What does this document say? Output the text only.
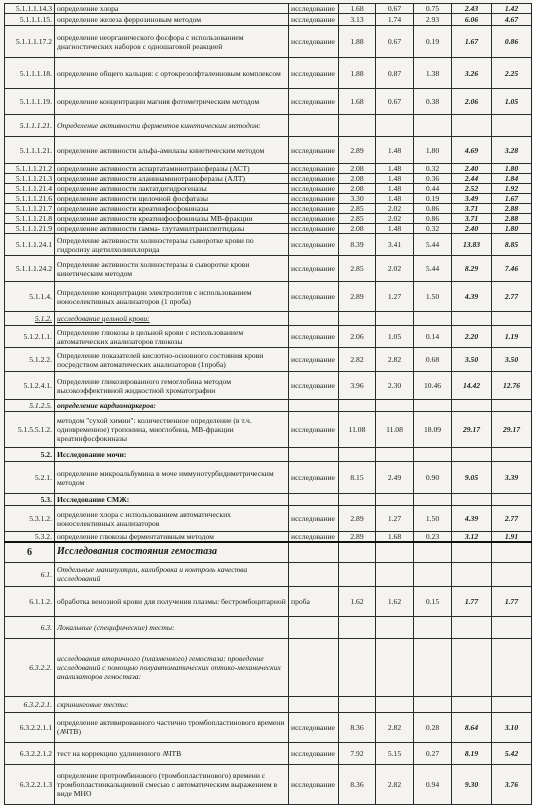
5.1.1.1.14.3	определение хлора	исследование	1.68	0.67	0.75	2.43	1.42
5.1.1.1.15.	определение железа феррозиновым методом	исследование	3.13	1.74	2.93	6.06	4.67
5.1.1.1.17.2	определение неорганического фосфора с использованием диагностических наборов с одношаговой реакцией	исследование	1.88	0.67	0.19	1.67	0.86
5.1.1.1.18.	определение общего кальция: с ортокрезолфталеиновым комплексом	исследование	1.88	0.87	1.38	3.26	2.25
5.1.1.1.19.	определение концентрации магния фотометрическим методом	исследование	1.68	0.67	0.38	2.06	1.05
5.1.1.1.21.	Определение активности ферментов кинетическим методом:						
5.1.1.1.21.	определение активности альфа-амилазы кинетическим методом	исследование	2.89	1.48	1.80	4.69	3.28
5.1.1.1.21.2	определение активности аспартатаминотрансферазы (АСТ)	исследование	2.08	1.48	0.32	2.40	1.80
5.1.1.1.21.3	определение активности аланинаминотрансферазы (АЛТ)	исследование	2.08	1.48	0.36	2.44	1.84
5.1.1.1.21.4	определение активности лактатдегидрогеназы	исследование	2.08	1.48	0.44	2.52	1.92
5.1.1.1.21.6	определение активности щелочной фосфатазы	исследование	3.30	1.48	0.19	3.49	1.67
5.1.1.1.21.7	определение активности креатинфосфокиназы	исследование	2.85	2.02	0.86	3.71	2.88
5.1.1.1.21.8	определение активности креатинфосфокиназы МВ-фракции	исследование	2.85	2.02	0.86	3.71	2.88
5.1.1.1.21.9	определение активности гамма- глутамилтранспептидазы	исследование	2.08	1.48	0.32	2.40	1.80
5.1.1.1.24.1	Определение активности холинэстеразы сыворотке крови по гидролизу ацетилхолинхлорида	исследование	8.39	3.41	5.44	13.83	8.85
5.1.1.1.24.2	Определение активности холинэстеразы в сыворотке крови кинетическим методом	исследование	2.85	2.02	5.44	8.29	7.46
5.1.1.4.	Определение концентрации электролитов с использованием ионоселективных анализаторов (1 проба)	исследование	2.89	1.27	1.50	4.39	2.77
5.1.2.	исследование цельной крови:						
5.1.2.1.1.	Определение глюкозы в цельной крови с использованием автоматических анализаторов глюкозы	исследование	2.06	1.05	0.14	2.20	1.19
5.1.2.2.	Определение показателей кислотно-основного состояния крови посредством автоматических анализаторов (1проба)	исследование	2.82	2.82	0.68	3.50	3.50
5.1.2.4.1.	Определение гликозированного гемоглобина методом высокоэффективной жидкостной хроматографии	исследование	3.96	2.30	10.46	14.42	12.76
5.1.2.5.	определение кардиомаркеров:						
5.1.5.5.1.2.	методом "сухой химии": количественное определение (в т.ч. одновременное) тропонина, миоглобина, МВ-фракции креатинфосфокиназы	исследование	11.08	11.08	18.09	29.17	29.17
5.2.	Исследование мочи:						
5.2.1.	определение микроальбумина в моче иммунотурбидиметрическим методом	исследование	8.15	2.49	0.90	9.05	3.39
5.3.	Исследование СМЖ:						
5.3.1.2.	определение хлора с использованием автоматических ионоселективных анализаторов	исследование	2.89	1.27	1.50	4.39	2.77
5.3.2.	определение глюкозы ферментативным методом	исследование	2.89	1.68	0.23	3.12	1.91
6	Исследования состояния гемостаза						
6.1.	Отдельные манипуляции, калибровка и контроль качества исследований						
6.1.1.2.	обработка венозной крови для получения плазмы: бестромбоцитарной	проба	1.62	1.62	0.15	1.77	1.77
6.3.	Локальные (специфические) тесты:						
6.3.2.2.	исследования вторичного (плазменного) гемостаза: проведение исследований с помощью полуавтоматических оптико-механических анализаторов гемостаза:						
6.3.2.2.1.	скрининговые тесты:						
6.3.2.2.1.1	определение активированного частично тромбопластинового времени (АЧТВ)	исследование	8.36	2.82	0.28	8.64	3.10
6.3.2.2.1.2	тест на коррекцию удлиненного АЧТВ	исследование	7.92	5.15	0.27	8.19	5.42
6.3.2.2.1.3	определение протромбинового (тромбопластинового) времени с тромбопластинкальциевой смесью с автоматическим выражением в виде МНО	исследование	8.36	2.82	0.94	9.30	3.76
